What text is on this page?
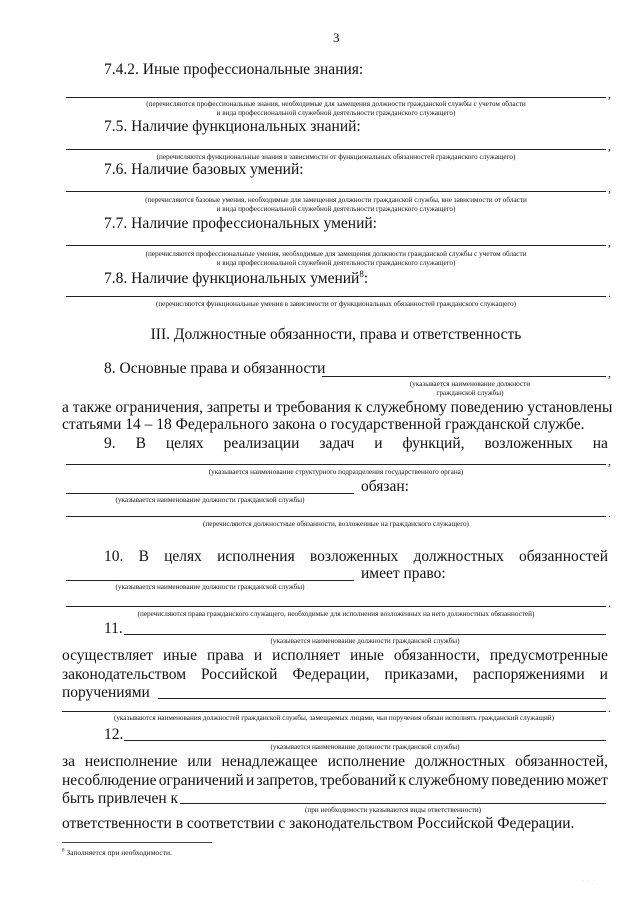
3
7.4.2. Иные профессиональные знания:
,
(перечисляются профессиональные знания, необходимые для замещения должности гражданской службы с учетом области
и вида профессиональной служебной деятельности гражданского служащего)
7.5. Наличие функциональных знаний:
,
(перечисляются функциональные знания в зависимости от функциональных обязанностей гражданского служащего)
7.6. Наличие базовых умений:
,
(перечисляются базовые умения, необходимые для замещения должности гражданской службы, вне зависимости от области
и вида профессиональной служебной деятельности гражданского служащего)
7.7. Наличие профессиональных умений:
,
(перечисляются профессиональные умения, необходимые для замещения должности гражданской службы с учетом области
и вида профессиональной служебной деятельности гражданского служащего)
7.8. Наличие функциональных умений$^8$:
.
(перечисляются функциональные умения в зависимости от функциональных обязанностей гражданского служащего)
III. Должностные обязанности, права и ответственность
8. Основные права и обязанности	,
(указывается наименование должности
гражданской службы)
а также ограничения, запреты и требования к служебному поведению установлены
статьями 14 – 18 Федерального закона о государственной гражданской службе.
9. В целях реализации задач и функций, возложенных на
,
(указывается наименование структурного подразделения государственного органа)
обязан:
(указывается наименование должности гражданской службы)
.
(перечисляются должностные обязанности, возложенные на гражданского служащего)
10. В целях исполнения возложенных должностных обязанностей
имеет право:
(указывается наименование должности гражданской службы)
.
(перечисляются права гражданского служащего, необходимые для исполнения возложенных на него должностных обязанностей)
11.
(указывается наименование должности гражданской службы)
осуществляет иные права и исполняет иные обязанности, предусмотренные
законодательством Российской Федерации, приказами, распоряжениями и
поручениями
.
(указываются наименования должностей гражданской службы, замещаемых лицами, чьи поручения обязан исполнять гражданский служащий)
12.
(указывается наименование должности гражданской службы)
за неисполнение или ненадлежащее исполнение должностных обязанностей,
несоблюдение ограничений и запретов, требований к служебному поведению может
быть привлечен к
(при необходимости указываются виды ответственности)
ответственности в соответствии с законодательством Российской Федерации.
$^8$ Заполняется при необходимости.
· · ·
